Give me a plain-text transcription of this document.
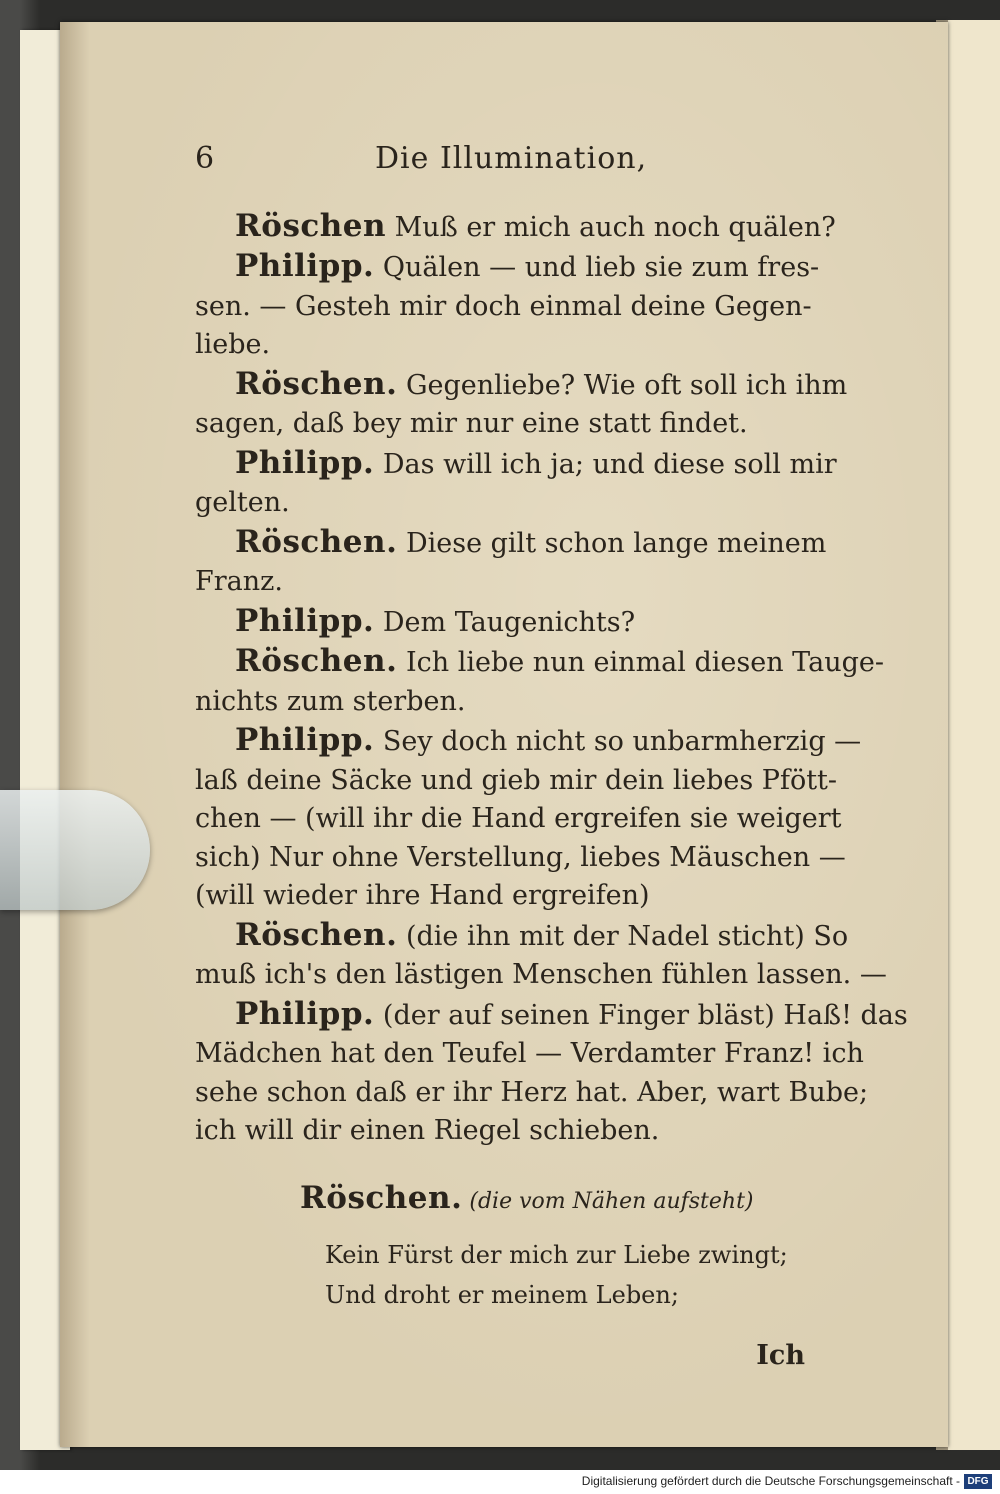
6	Die Illumination,
Röschen Muß er mich auch noch quälen?
Philipp. Quälen — und lieb sie zum fres-
sen. — Gesteh mir doch einmal deine Gegen-
liebe.
Röschen. Gegenliebe? Wie oft soll ich ihm
sagen, daß bey mir nur eine statt findet.
Philipp. Das will ich ja; und diese soll mir
gelten.
Röschen. Diese gilt schon lange meinem
Franz.
Philipp. Dem Taugenichts?
Röschen. Ich liebe nun einmal diesen Tauge-
nichts zum sterben.
Philipp. Sey doch nicht so unbarmherzig —
laß deine Säcke und gieb mir dein liebes Pfött-
chen — (will ihr die Hand ergreifen sie weigert
sich) Nur ohne Verstellung, liebes Mäuschen —
(will wieder ihre Hand ergreifen)
Röschen. (die ihn mit der Nadel sticht) So
muß ich's den lästigen Menschen fühlen lassen. —
Philipp. (der auf seinen Finger bläst) Haß! das
Mädchen hat den Teufel — Verdamter Franz! ich
sehe schon daß er ihr Herz hat. Aber, wart Bube;
ich will dir einen Riegel schieben.
Röschen. (die vom Nähen aufsteht)
Kein Fürst der mich zur Liebe zwingt;
Und droht er meinem Leben;
Ich
Digitalisierung gefördert durch die Deutsche Forschungsgemeinschaft - DFG
